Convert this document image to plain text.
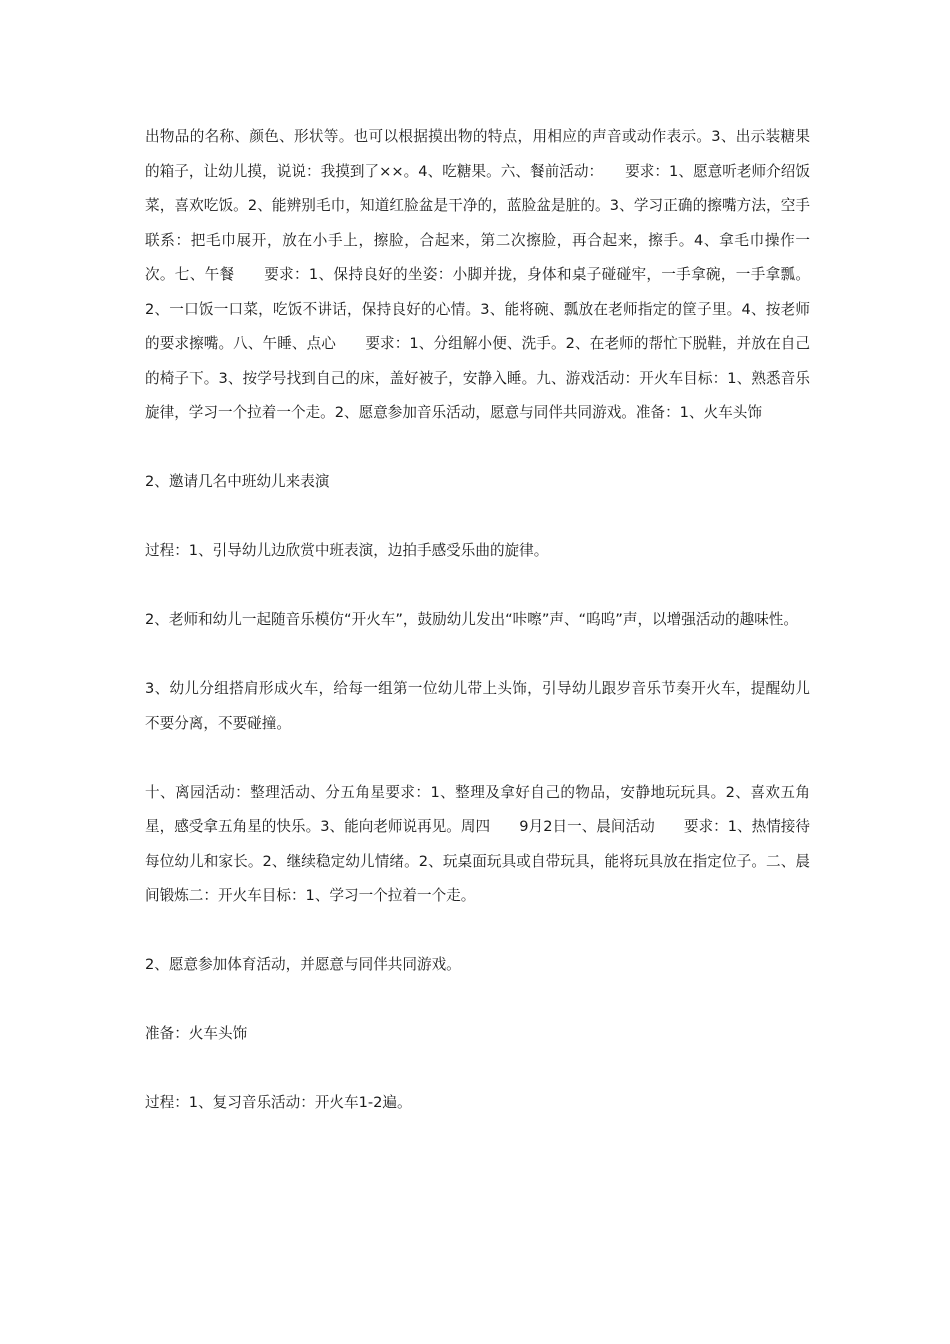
出物品的名称、颜色、形状等。也可以根据摸出物的特点，用相应的声音或动作表示。3、出示装糖果的箱子，让幼儿摸，说说：我摸到了××。4、吃糖果。六、餐前活动：　　要求：1、愿意听老师介绍饭菜，喜欢吃饭。2、能辨别毛巾，知道红脸盆是干净的，蓝脸盆是脏的。3、学习正确的擦嘴方法，空手联系：把毛巾展开，放在小手上，擦脸，合起来，第二次擦脸，再合起来，擦手。4、拿毛巾操作一次。七、午餐　　要求：1、保持良好的坐姿：小脚并拢，身体和桌子碰碰牢，一手拿碗，一手拿瓢。2、一口饭一口菜，吃饭不讲话，保持良好的心情。3、能将碗、瓢放在老师指定的筐子里。4、按老师的要求擦嘴。八、午睡、点心　　要求：1、分组解小便、洗手。2、在老师的帮忙下脱鞋，并放在自己的椅子下。3、按学号找到自己的床，盖好被子，安静入睡。九、游戏活动：开火车目标：1、熟悉音乐旋律，学习一个拉着一个走。2、愿意参加音乐活动，愿意与同伴共同游戏。准备：1、火车头饰

2、邀请几名中班幼儿来表演

过程：1、引导幼儿边欣赏中班表演，边拍手感受乐曲的旋律。

2、老师和幼儿一起随音乐模仿“开火车”，鼓励幼儿发出“咔嚓”声、“呜呜”声，以增强活动的趣味性。

3、幼儿分组搭肩形成火车，给每一组第一位幼儿带上头饰，引导幼儿跟岁音乐节奏开火车，提醒幼儿不要分离，不要碰撞。

十、离园活动：整理活动、分五角星要求：1、整理及拿好自己的物品，安静地玩玩具。2、喜欢五角星，感受拿五角星的快乐。3、能向老师说再见。周四　　9月2日一、晨间活动　　要求：1、热情接待每位幼儿和家长。2、继续稳定幼儿情绪。2、玩桌面玩具或自带玩具，能将玩具放在指定位子。二、晨间锻炼二：开火车目标：1、学习一个拉着一个走。

2、愿意参加体育活动，并愿意与同伴共同游戏。

准备：火车头饰

过程：1、复习音乐活动：开火车1-2遍。
